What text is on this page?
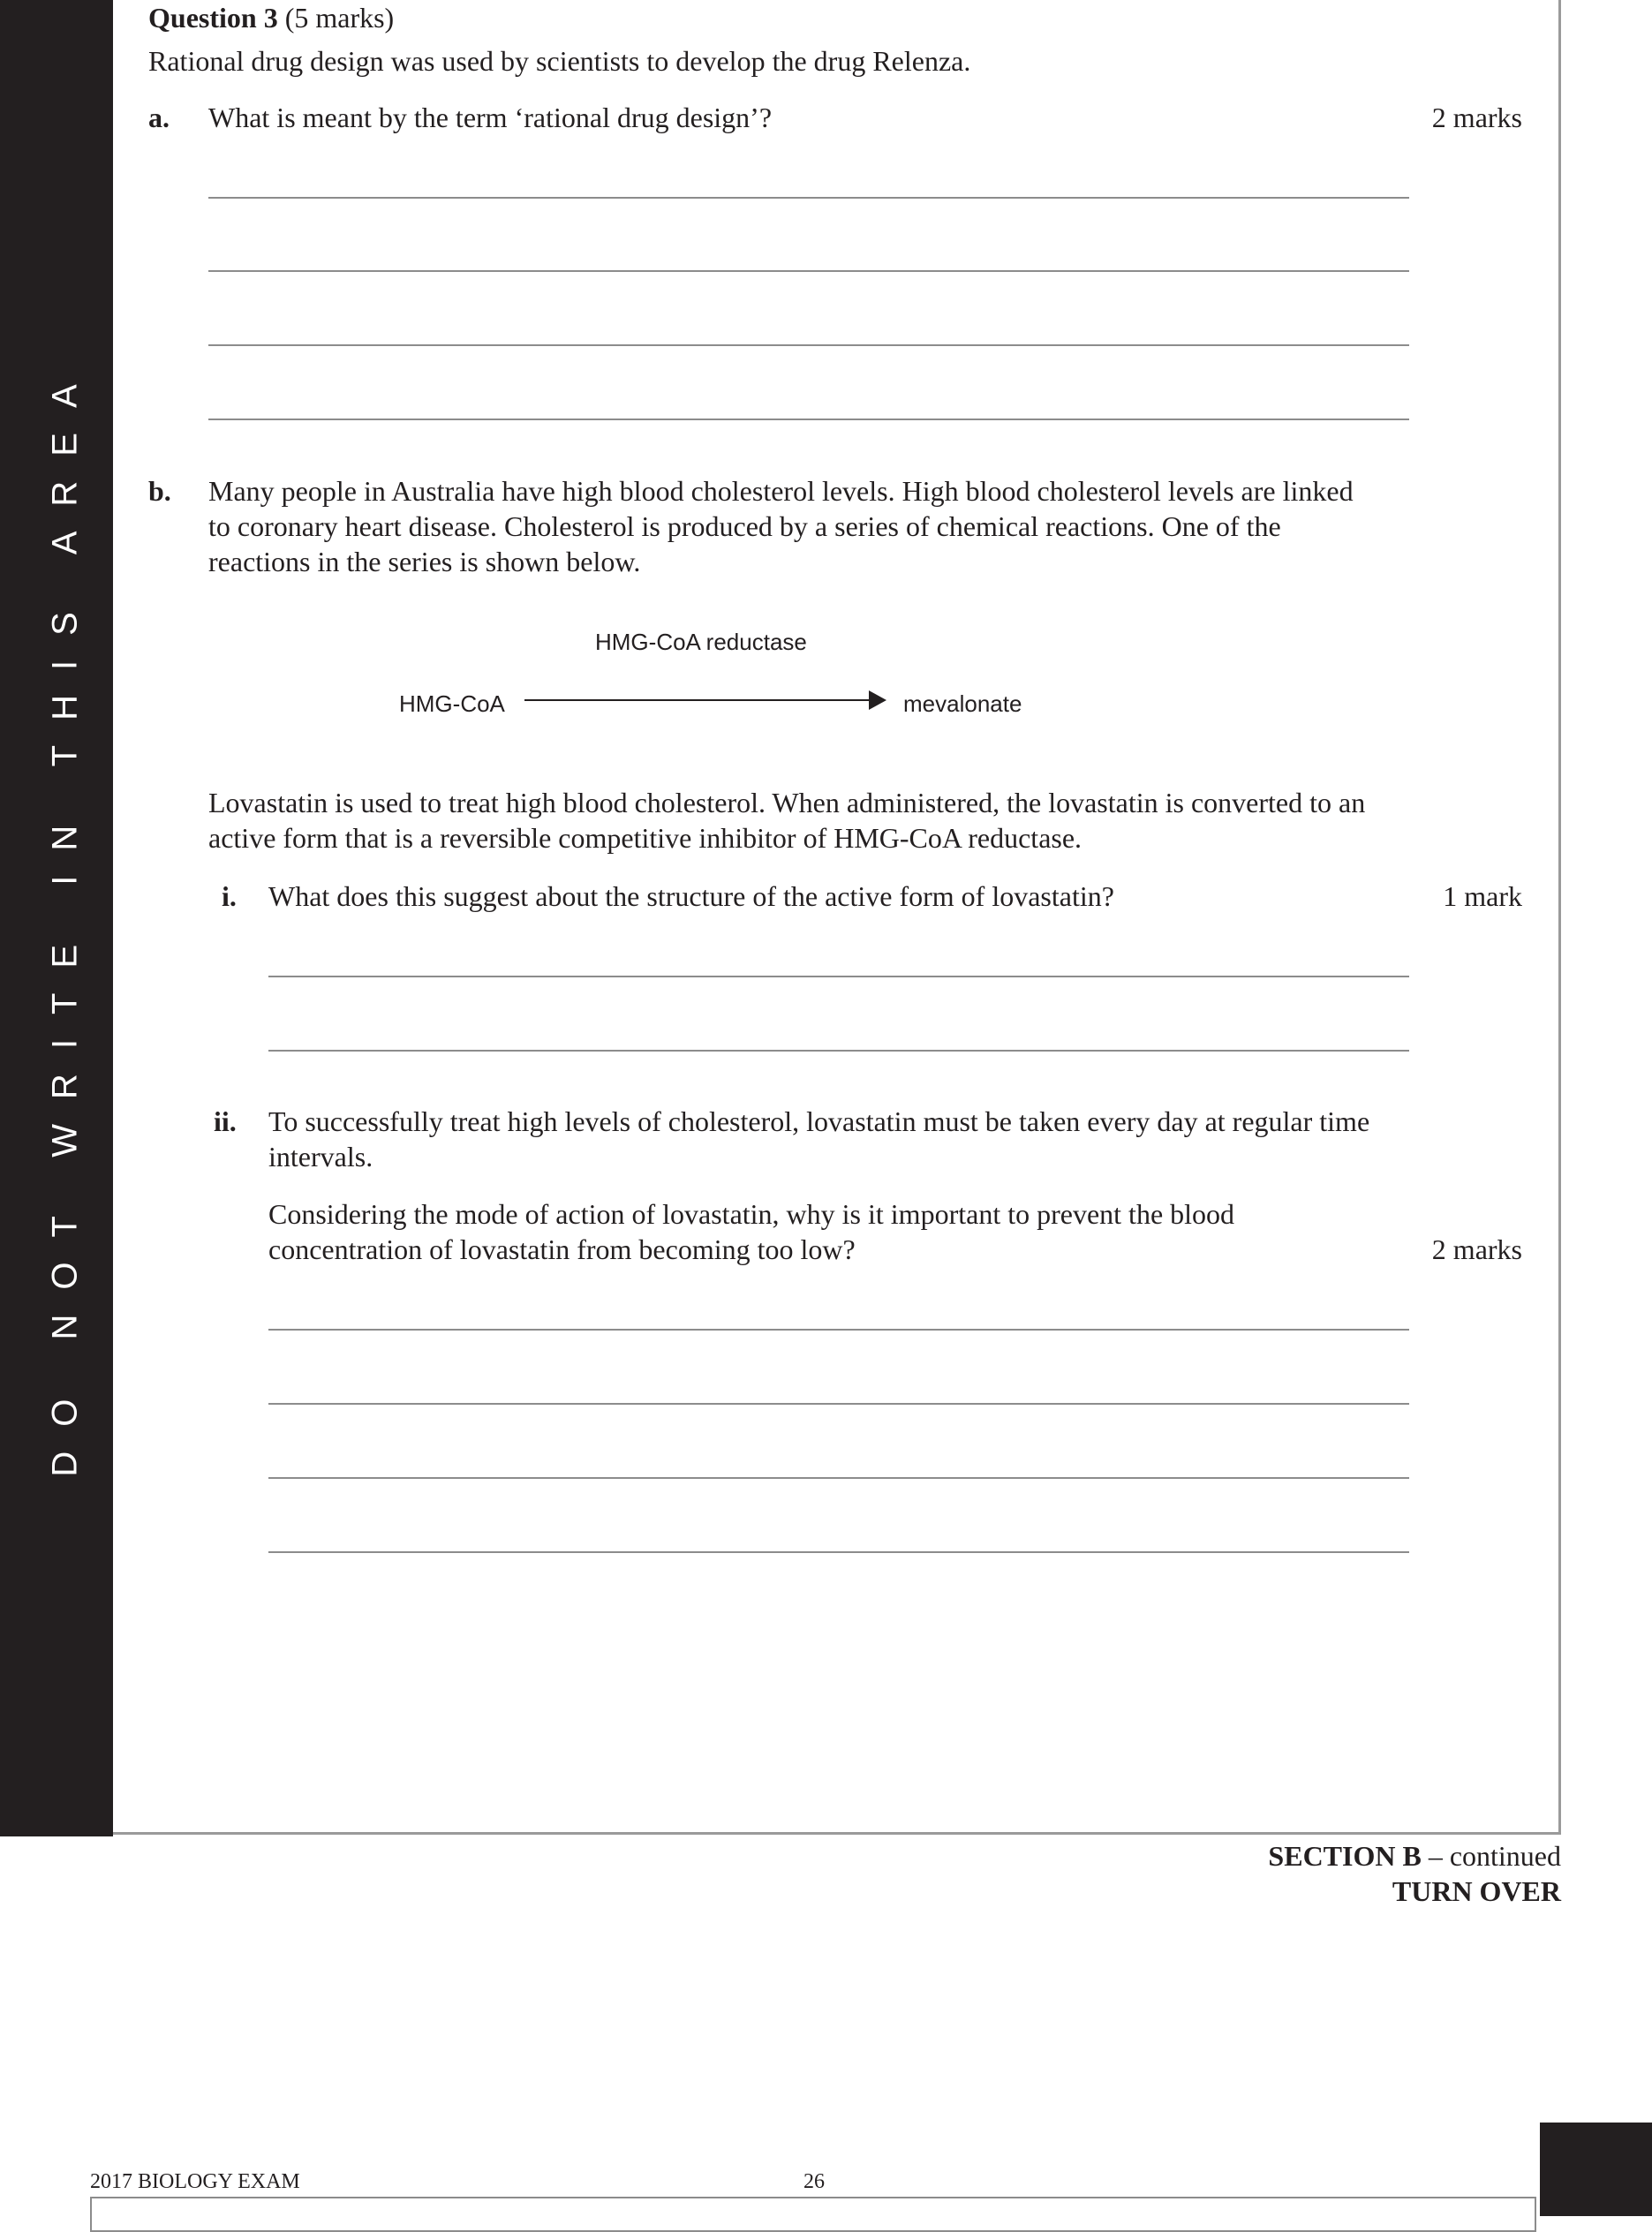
DO NOT WRITE IN THIS AREA
Question 3 (5 marks)
Rational drug design was used by scientists to develop the drug Relenza.
a. What is meant by the term ‘rational drug design’?	2 marks
b. Many people in Australia have high blood cholesterol levels. High blood cholesterol levels are linked
to coronary heart disease. Cholesterol is produced by a series of chemical reactions. One of the
reactions in the series is shown below.
HMG-CoA reductase
HMG-CoA	mevalonate
Lovastatin is used to treat high blood cholesterol. When administered, the lovastatin is converted to an
active form that is a reversible competitive inhibitor of HMG-CoA reductase.
i. What does this suggest about the structure of the active form of lovastatin?	1 mark
ii. To successfully treat high levels of cholesterol, lovastatin must be taken every day at regular time
intervals.
Considering the mode of action of lovastatin, why is it important to prevent the blood
concentration of lovastatin from becoming too low?	2 marks
SECTION B – continued
TURN OVER
2017 BIOLOGY EXAM	26
